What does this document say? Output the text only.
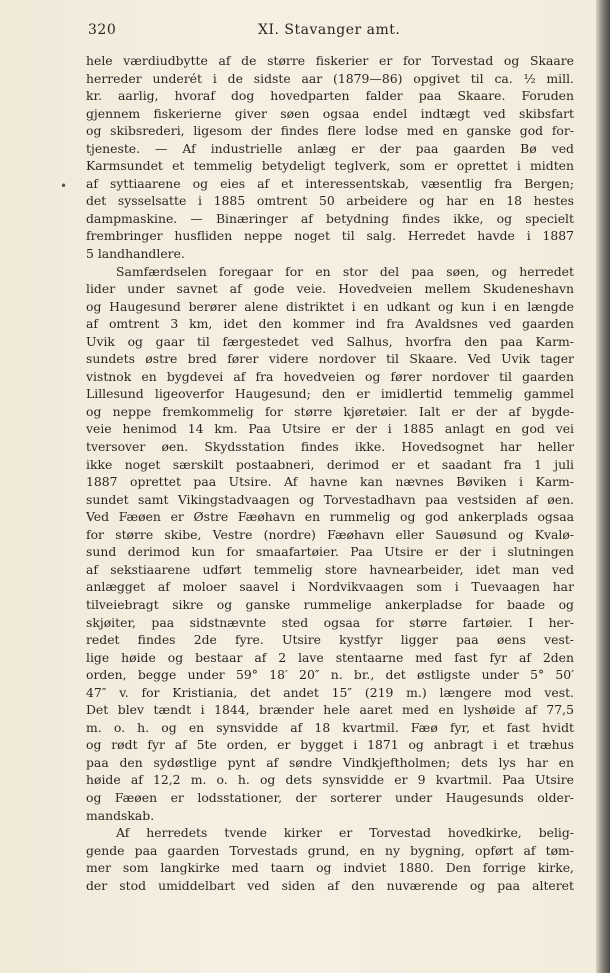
320	XI. Stavanger amt.
•
hele værdiudbytte af de større fiskerier er for Torvestad og Skaare
herreder underét i de sidste aar (1879—86) opgivet til ca. ½ mill.
kr. aarlig, hvoraf dog hovedparten falder paa Skaare. Foruden
gjennem fiskerierne giver søen ogsaa endel indtægt ved skibsfart
og skibsrederi, ligesom der findes flere lodse med en ganske god for-
tjeneste. — Af industrielle anlæg er der paa gaarden Bø ved
Karmsundet et temmelig betydeligt teglverk, som er oprettet i midten
af syttiaarene og eies af et interessentskab, væsentlig fra Bergen;
det sysselsatte i 1885 omtrent 50 arbeidere og har en 18 hestes
dampmaskine. — Binæringer af betydning findes ikke, og specielt
frembringer husfliden neppe noget til salg. Herredet havde i 1887
5 landhandlere.
Samfærdselen foregaar for en stor del paa søen, og herredet
lider under savnet af gode veie. Hovedveien mellem Skudeneshavn
og Haugesund berører alene distriktet i en udkant og kun i en længde
af omtrent 3 km, idet den kommer ind fra Avaldsnes ved gaarden
Uvik og gaar til færgestedet ved Salhus, hvorfra den paa Karm-
sundets østre bred fører videre nordover til Skaare. Ved Uvik tager
vistnok en bygdevei af fra hovedveien og fører nordover til gaarden
Lillesund ligeoverfor Haugesund; den er imidlertid temmelig gammel
og neppe fremkommelig for større kjøretøier. Ialt er der af bygde-
veie henimod 14 km. Paa Utsire er der i 1885 anlagt en god vei
tversover øen. Skydsstation findes ikke. Hovedsognet har heller
ikke noget særskilt postaabneri, derimod er et saadant fra 1 juli
1887 oprettet paa Utsire. Af havne kan nævnes Bøviken i Karm-
sundet samt Vikingstadvaagen og Torvestadhavn paa vestsiden af øen.
Ved Fæøen er Østre Fæøhavn en rummelig og god ankerplads ogsaa
for større skibe, Vestre (nordre) Fæøhavn eller Sauøsund og Kvalø-
sund derimod kun for smaafartøier. Paa Utsire er der i slutningen
af sekstiaarene udført temmelig store havnearbeider, idet man ved
anlægget af moloer saavel i Nordvikvaagen som i Tuevaagen har
tilveiebragt sikre og ganske rummelige ankerpladse for baade og
skjøiter, paa sidstnævnte sted ogsaa for større fartøier. I her-
redet findes 2de fyre. Utsire kystfyr ligger paa øens vest-
lige høide og bestaar af 2 lave stentaarne med fast fyr af 2den
orden, begge under 59° 18′ 20″ n. br., det østligste under 5° 50′
47″ v. for Kristiania, det andet 15″ (219 m.) længere mod vest.
Det blev tændt i 1844, brænder hele aaret med en lyshøide af 77,5
m. o. h. og en synsvidde af 18 kvartmil. Fæø fyr, et fast hvidt
og rødt fyr af 5te orden, er bygget i 1871 og anbragt i et træhus
paa den sydøstlige pynt af søndre Vindkjeftholmen; dets lys har en
høide af 12,2 m. o. h. og dets synsvidde er 9 kvartmil. Paa Utsire
og Fæøen er lodsstationer, der sorterer under Haugesunds older-
mandskab.
Af herredets tvende kirker er Torvestad hovedkirke, belig-
gende paa gaarden Torvestads grund, en ny bygning, opført af tøm-
mer som langkirke med taarn og indviet 1880. Den forrige kirke,
der stod umiddelbart ved siden af den nuværende og paa alteret
